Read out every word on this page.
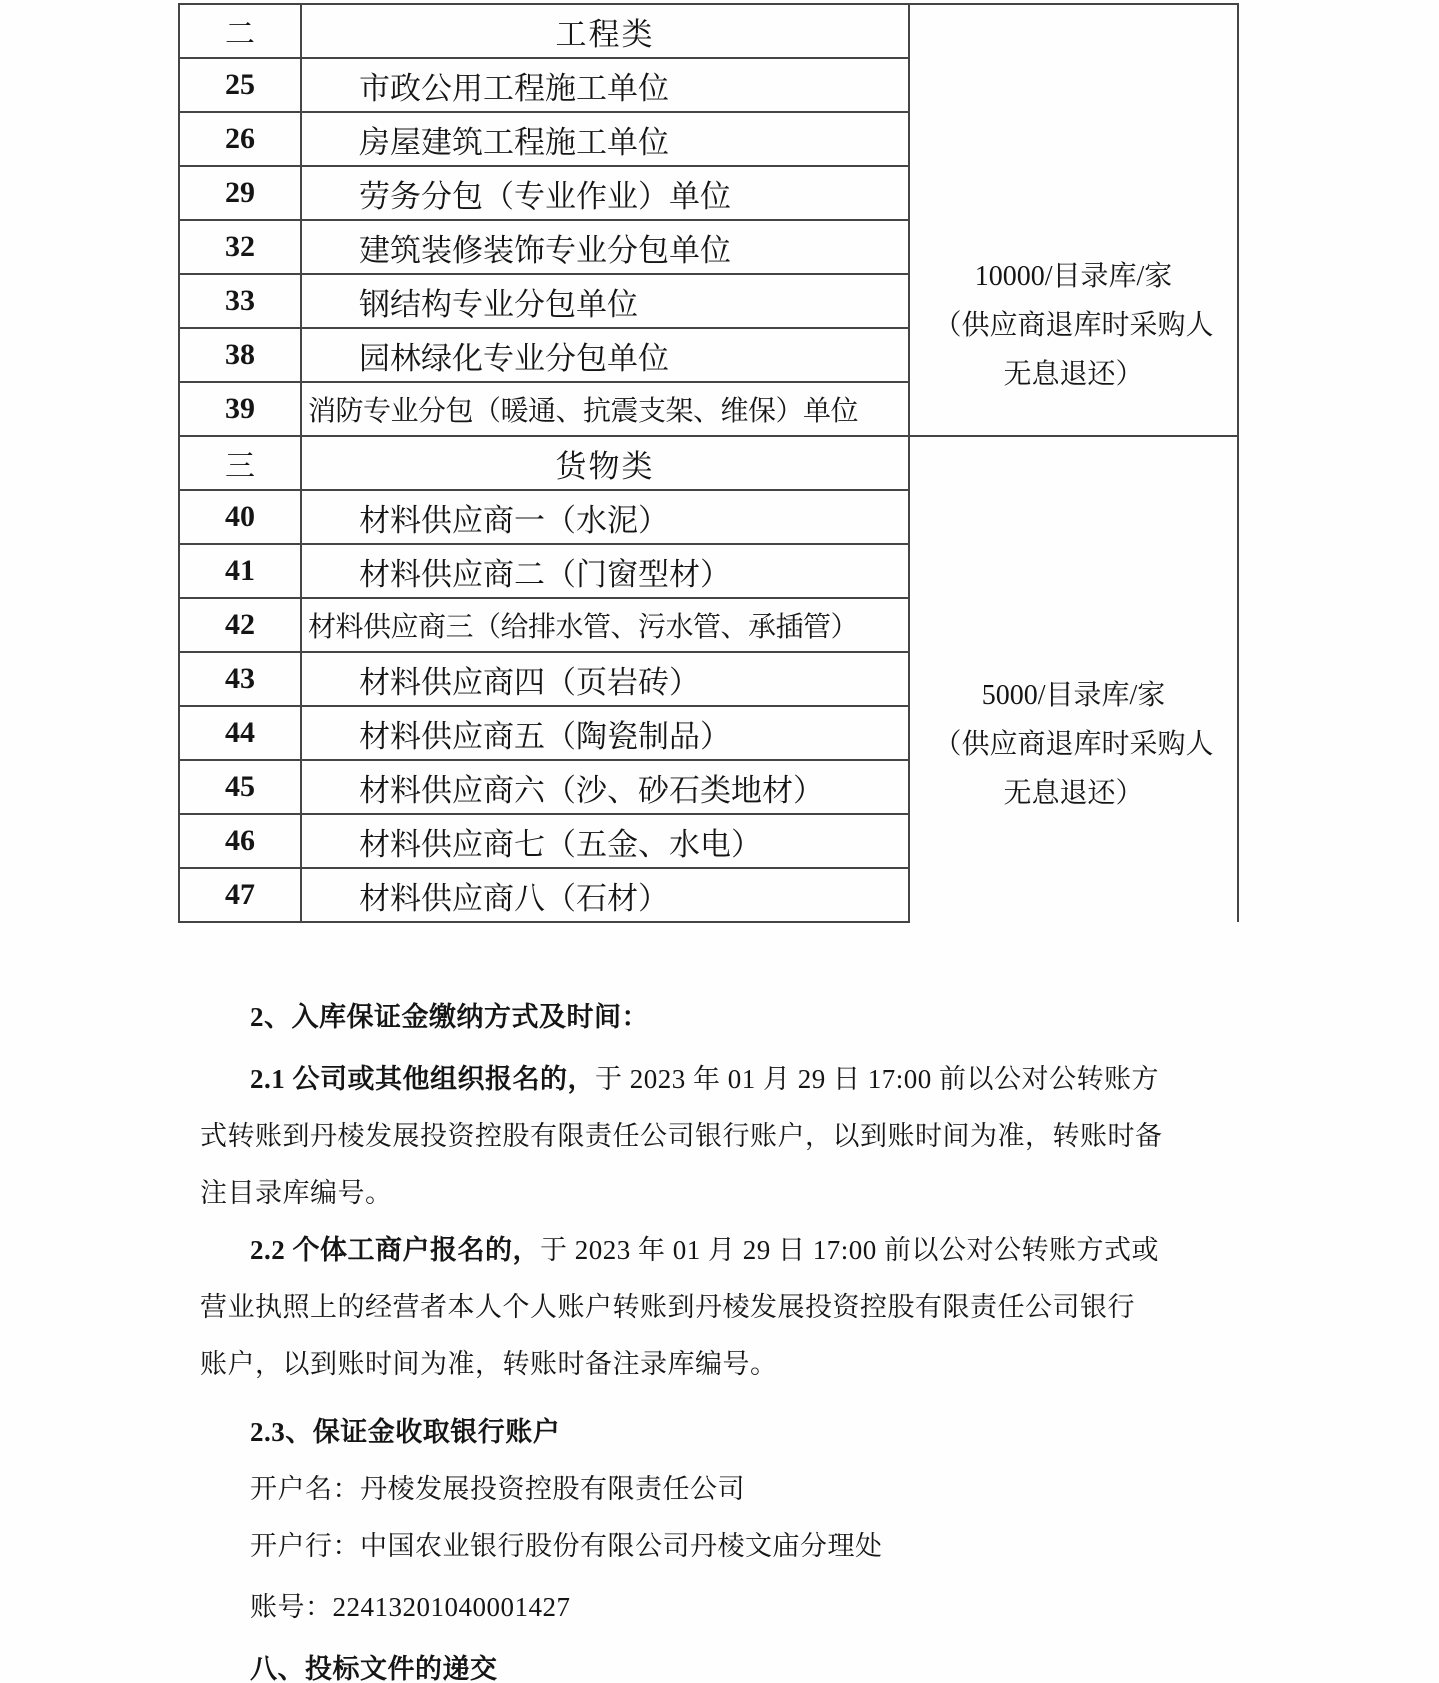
二	工程类	10000/目录库/家
（供应商退库时采购人
无息退还）

25	市政公用工程施工单位	
26	房屋建筑工程施工单位	
29	劳务分包（专业作业）单位	
32	建筑装修装饰专业分包单位	
33	钢结构专业分包单位	
38	园林绿化专业分包单位	
39	消防专业分包（暖通、抗震支架、维保）单位	
三	货物类	5000/目录库/家
（供应商退库时采购人
无息退还）

40	材料供应商一（水泥）	
41	材料供应商二（门窗型材）	
42	材料供应商三（给排水管、污水管、承插管）	
43	材料供应商四（页岩砖）	
44	材料供应商五（陶瓷制品）	
45	材料供应商六（沙、砂石类地材）	
46	材料供应商七（五金、水电）	
47	材料供应商八（石材）	
2、入库保证金缴纳方式及时间：
2.1 公司或其他组织报名的， 于 2023 年 01 月 29 日 17:00 前以公对公转账方
式转账到丹棱发展投资控股有限责任公司银行账户，以到账时间为准，转账时备
注目录库编号。
2.2 个体工商户报名的， 于 2023 年 01 月 29 日 17:00 前以公对公转账方式或
营业执照上的经营者本人个人账户转账到丹棱发展投资控股有限责任公司银行
账户，以到账时间为准，转账时备注录库编号。
2.3、保证金收取银行账户
开户名：丹棱发展投资控股有限责任公司
开户行：中国农业银行股份有限公司丹棱文庙分理处
账号：22413201040001427
八、投标文件的递交
